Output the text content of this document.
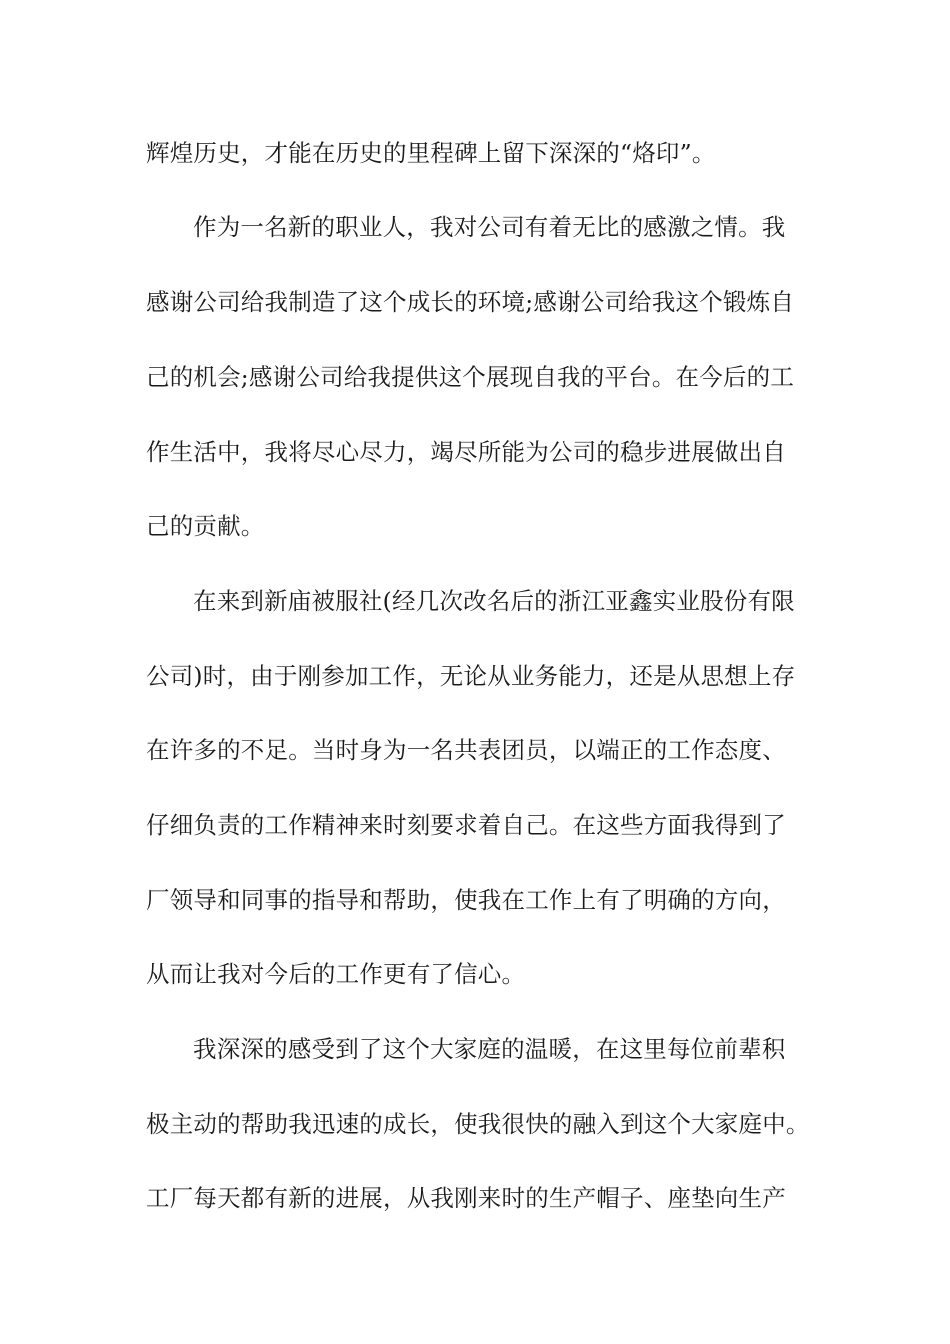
辉煌历史，才能在历史的里程碑上留下深深的“烙印”。
作为一名新的职业人，我对公司有着无比的感激之情。我
感谢公司给我制造了这个成长的环境;感谢公司给我这个锻炼自
己的机会;感谢公司给我提供这个展现自我的平台。在今后的工
作生活中，我将尽心尽力，竭尽所能为公司的稳步进展做出自
己的贡献。
在来到新庙被服社(经几次改名后的浙江亚鑫实业股份有限
公司)时，由于刚参加工作，无论从业务能力，还是从思想上存
在许多的不足。当时身为一名共表团员，以端正的工作态度、
仔细负责的工作精神来时刻要求着自己。在这些方面我得到了
厂领导和同事的指导和帮助，使我在工作上有了明确的方向，
从而让我对今后的工作更有了信心。
我深深的感受到了这个大家庭的温暖，在这里每位前辈积
极主动的帮助我迅速的成长，使我很快的融入到这个大家庭中。
工厂每天都有新的进展，从我刚来时的生产帽子、座垫向生产
